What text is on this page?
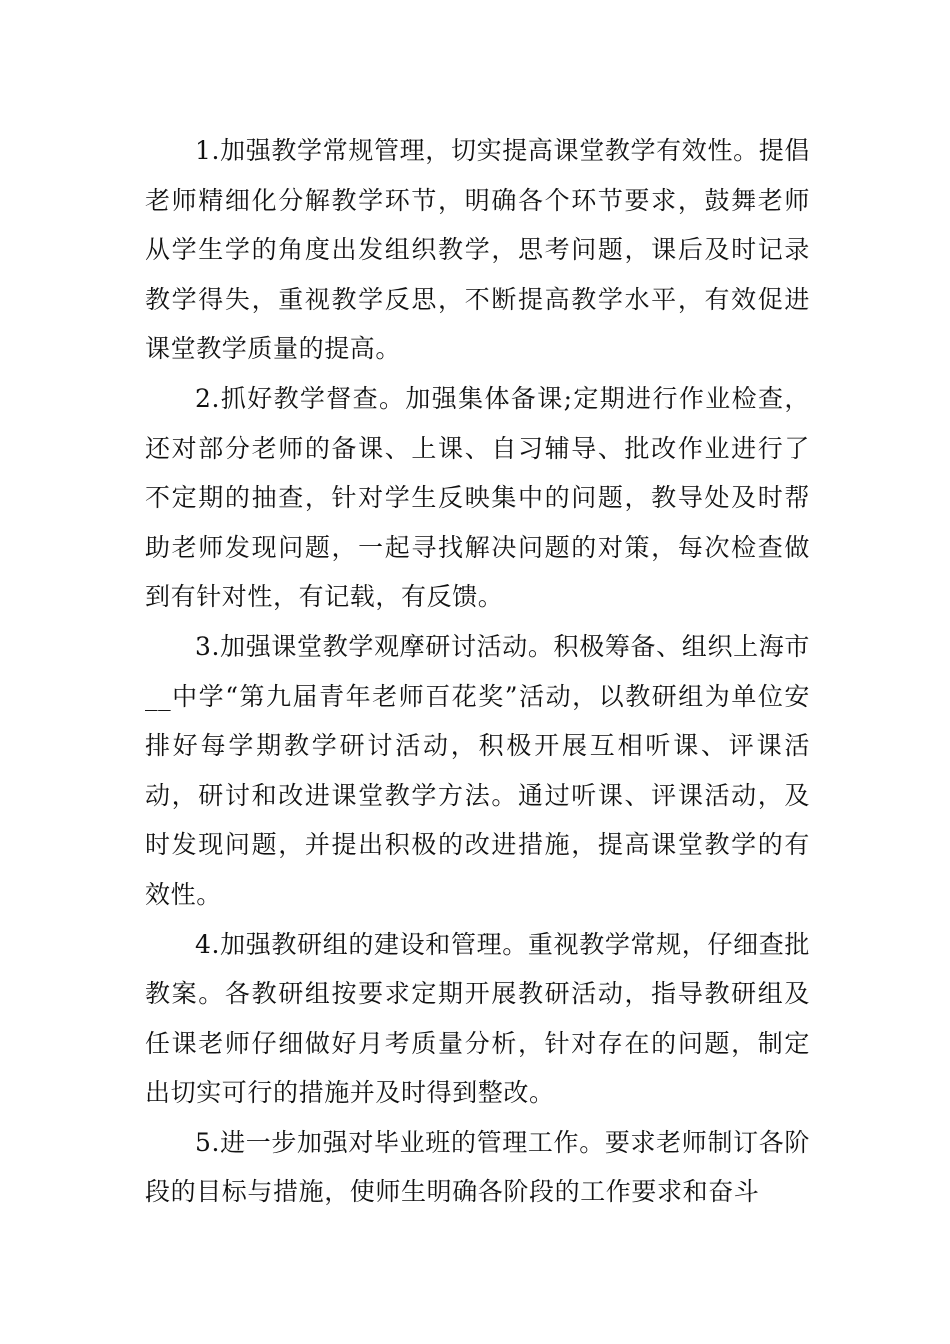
1.加强教学常规管理，切实提高课堂教学有效性。提倡老师精细化分解教学环节，明确各个环节要求，鼓舞老师从学生学的角度出发组织教学，思考问题，课后及时记录教学得失，重视教学反思，不断提高教学水平，有效促进课堂教学质量的提高。

2.抓好教学督查。加强集体备课;定期进行作业检查，还对部分老师的备课、上课、自习辅导、批改作业进行了不定期的抽查，针对学生反映集中的问题，教导处及时帮助老师发现问题，一起寻找解决问题的对策，每次检查做到有针对性，有记载，有反馈。

3.加强课堂教学观摩研讨活动。积极筹备、组织上海市__中学“第九届青年老师百花奖”活动，以教研组为单位安排好每学期教学研讨活动，积极开展互相听课、评课活动，研讨和改进课堂教学方法。通过听课、评课活动，及时发现问题，并提出积极的改进措施，提高课堂教学的有效性。

4.加强教研组的建设和管理。重视教学常规，仔细查批教案。各教研组按要求定期开展教研活动，指导教研组及任课老师仔细做好月考质量分析，针对存在的问题，制定出切实可行的措施并及时得到整改。

5.进一步加强对毕业班的管理工作。要求老师制订各阶段的目标与措施，使师生明确各阶段的工作要求和奋斗
